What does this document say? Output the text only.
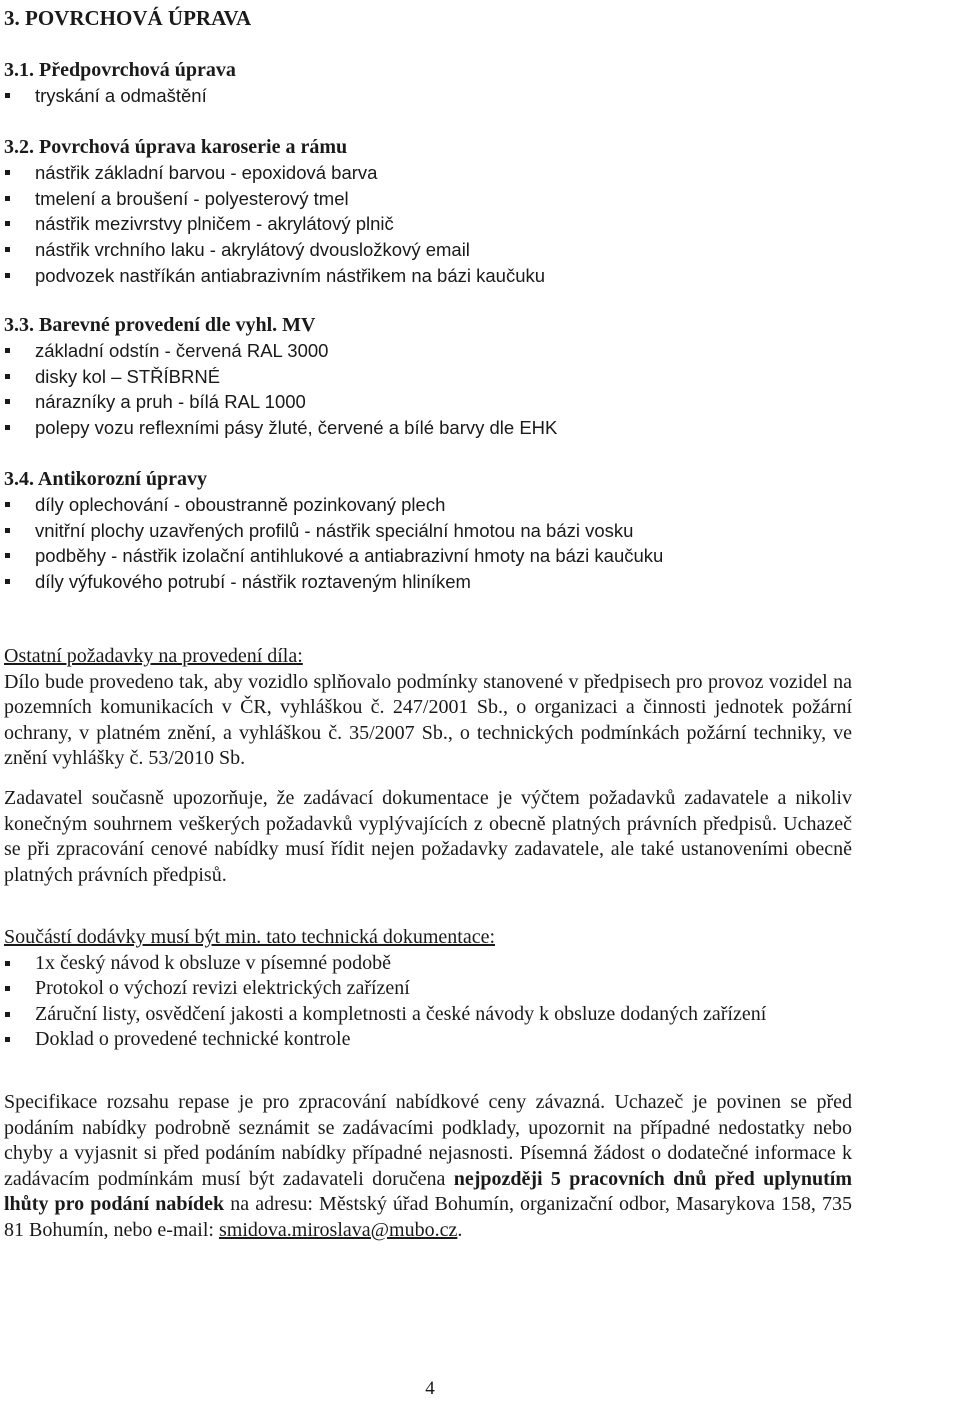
3. POVRCHOVÁ ÚPRAVA
3.1. Předpovrchová úprava
tryskání a odmaštění
3.2. Povrchová úprava karoserie a rámu
nástřik základní barvou - epoxidová barva
tmelení a broušení - polyesterový tmel
nástřik mezivrstvy plničem - akrylátový plnič
nástřik vrchního laku - akrylátový dvousložkový email
podvozek nastříkán antiabrazivním nástřikem na bázi kaučuku
3.3. Barevné provedení dle vyhl. MV
základní odstín - červená RAL 3000
disky kol – STŘÍBRNÉ
nárazníky a pruh - bílá RAL 1000
polepy vozu reflexními pásy žluté, červené a bílé barvy dle EHK
3.4. Antikorozní úpravy
díly oplechování - oboustranně pozinkovaný plech
vnitřní plochy uzavřených profilů - nástřik speciální hmotou na bázi vosku
podběhy - nástřik izolační antihlukové a antiabrazivní hmoty na bázi kaučuku
díly výfukového potrubí - nástřik roztaveným hliníkem

Ostatní požadavky na provedení díla:

Dílo bude provedeno tak, aby vozidlo splňovalo podmínky stanovené v předpisech pro provoz vozidel na pozemních komunikacích v ČR, vyhláškou č. 247/2001 Sb., o organizaci a činnosti jednotek požární ochrany, v platném znění, a vyhláškou č. 35/2007 Sb., o technických podmínkách požární techniky, ve znění vyhlášky č. 53/2010 Sb.

Zadavatel současně upozorňuje, že zadávací dokumentace je výčtem požadavků zadavatele a nikoliv konečným souhrnem veškerých požadavků vyplývajících z obecně platných právních předpisů. Uchazeč se při zpracování cenové nabídky musí řídit nejen požadavky zadavatele, ale také ustanoveními obecně platných právních předpisů.

Součástí dodávky musí být min. tato technická dokumentace:

1x český návod k obsluze v písemné podobě
Protokol o výchozí revizi elektrických zařízení
Záruční listy, osvědčení jakosti a kompletnosti a české návody k obsluze dodaných zařízení
Doklad o provedené technické kontrole

Specifikace rozsahu repase je pro zpracování nabídkové ceny závazná. Uchazeč je povinen se před podáním nabídky podrobně seznámit se zadávacími podklady, upozornit na případné nedostatky nebo chyby a vyjasnit si před podáním nabídky případné nejasnosti. Písemná žádost o dodatečné informace k zadávacím podmínkám musí být zadavateli doručena nejpozději 5 pracovních dnů před uplynutím lhůty pro podání nabídek na adresu: Městský úřad Bohumín, organizační odbor, Masarykova 158, 735 81 Bohumín, nebo e-mail: smidova.miroslava@mubo.cz.

4
